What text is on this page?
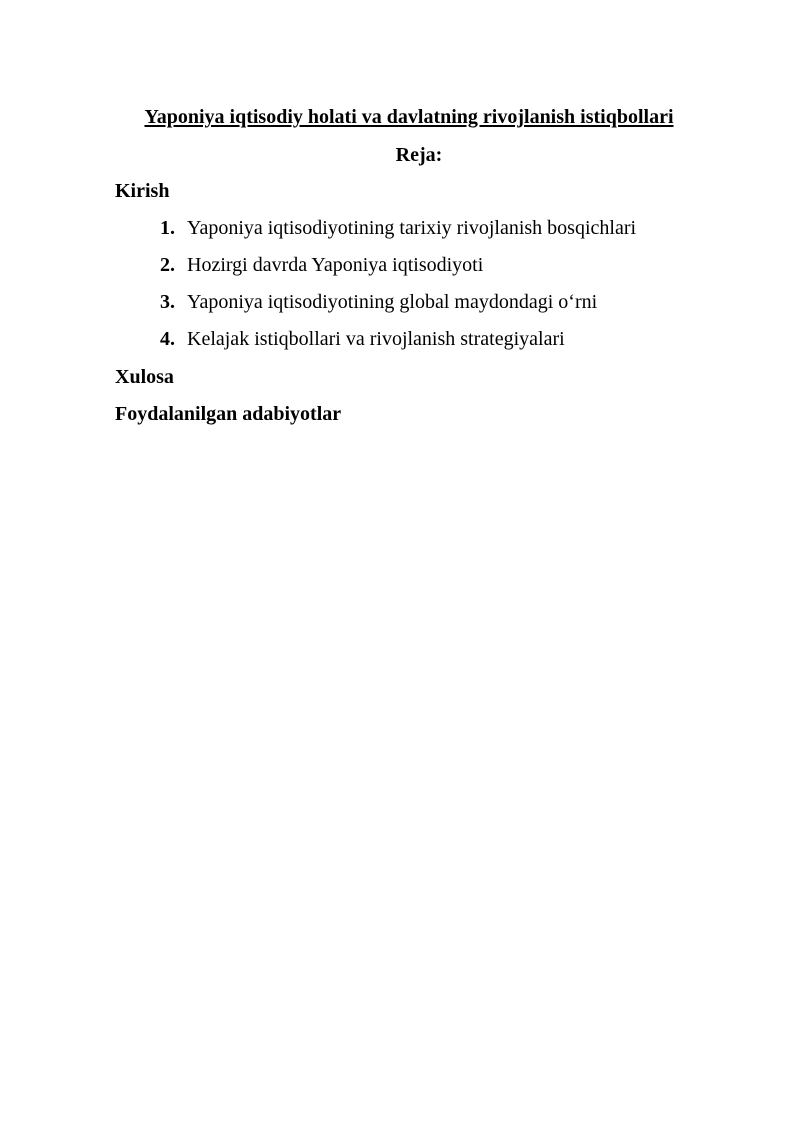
Yaponiya iqtisodiy holati va davlatning rivojlanish istiqbollari
Reja:
Kirish
1. Yaponiya iqtisodiyotining tarixiy rivojlanish bosqichlari
2. Hozirgi davrda Yaponiya iqtisodiyoti
3. Yaponiya iqtisodiyotining global maydondagi o‘rni
4. Kelajak istiqbollari va rivojlanish strategiyalari
Xulosa
Foydalanilgan adabiyotlar
